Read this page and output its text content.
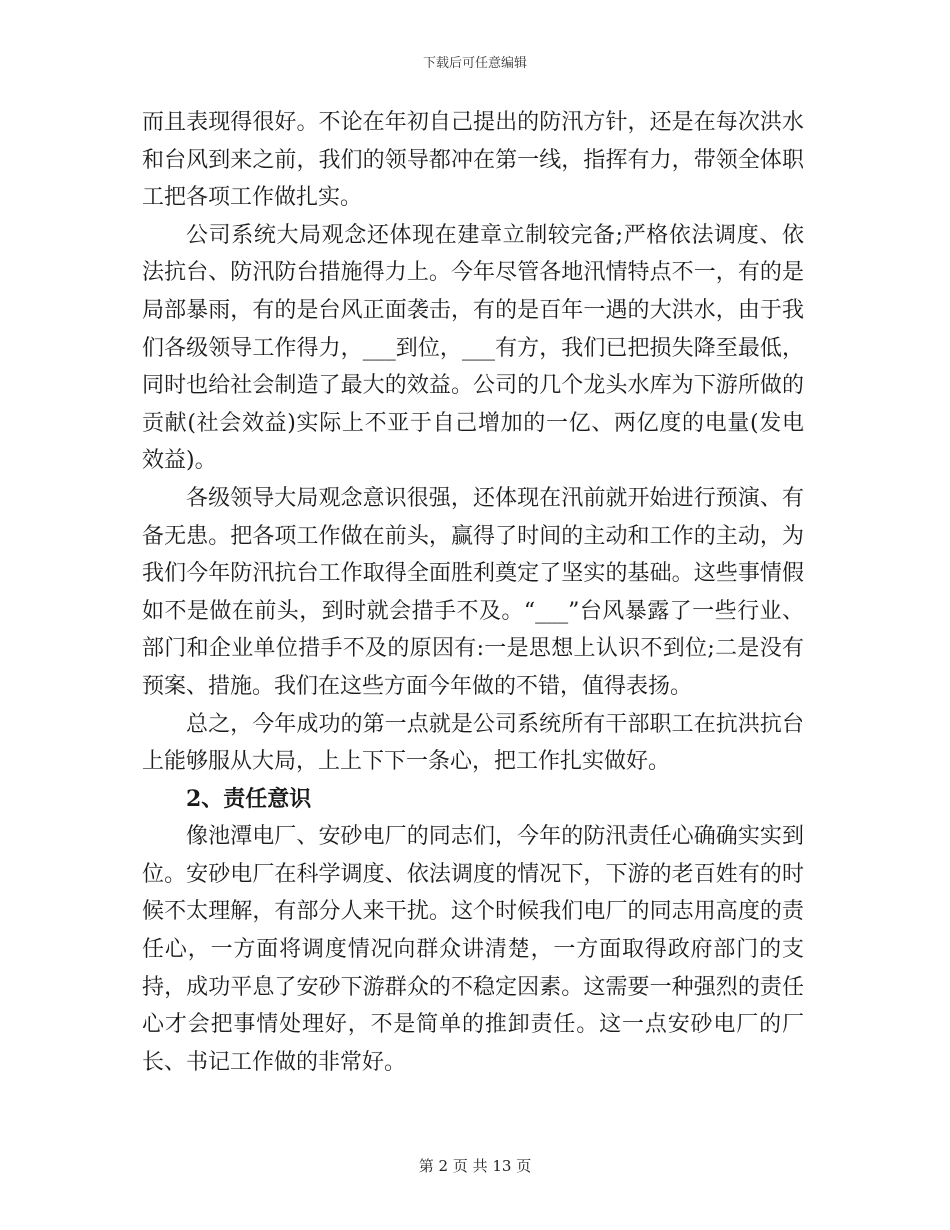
下载后可任意编辑

而且表现得很好。不论在年初自己提出的防汛方针，还是在每次洪水和台风到来之前，我们的领导都冲在第一线，指挥有力，带领全体职工把各项工作做扎实。

公司系统大局观念还体现在建章立制较完备;严格依法调度、依法抗台、防汛防台措施得力上。今年尽管各地汛情特点不一，有的是局部暴雨，有的是台风正面袭击，有的是百年一遇的大洪水，由于我们各级领导工作得力，___到位，___有方，我们已把损失降至最低，同时也给社会制造了最大的效益。公司的几个龙头水库为下游所做的贡献(社会效益)实际上不亚于自己增加的一亿、两亿度的电量(发电效益)。

各级领导大局观念意识很强，还体现在汛前就开始进行预演、有备无患。把各项工作做在前头，赢得了时间的主动和工作的主动，为我们今年防汛抗台工作取得全面胜利奠定了坚实的基础。这些事情假如不是做在前头，到时就会措手不及。“___”台风暴露了一些行业、部门和企业单位措手不及的原因有:一是思想上认识不到位;二是没有预案、措施。我们在这些方面今年做的不错，值得表扬。

总之，今年成功的第一点就是公司系统所有干部职工在抗洪抗台上能够服从大局，上上下下一条心，把工作扎实做好。

2、责任意识

像池潭电厂、安砂电厂的同志们，今年的防汛责任心确确实实到位。安砂电厂在科学调度、依法调度的情况下，下游的老百姓有的时候不太理解，有部分人来干扰。这个时候我们电厂的同志用高度的责任心，一方面将调度情况向群众讲清楚，一方面取得政府部门的支持，成功平息了安砂下游群众的不稳定因素。这需要一种强烈的责任心才会把事情处理好，不是简单的推卸责任。这一点安砂电厂的厂长、书记工作做的非常好。

第 2 页 共 13 页
